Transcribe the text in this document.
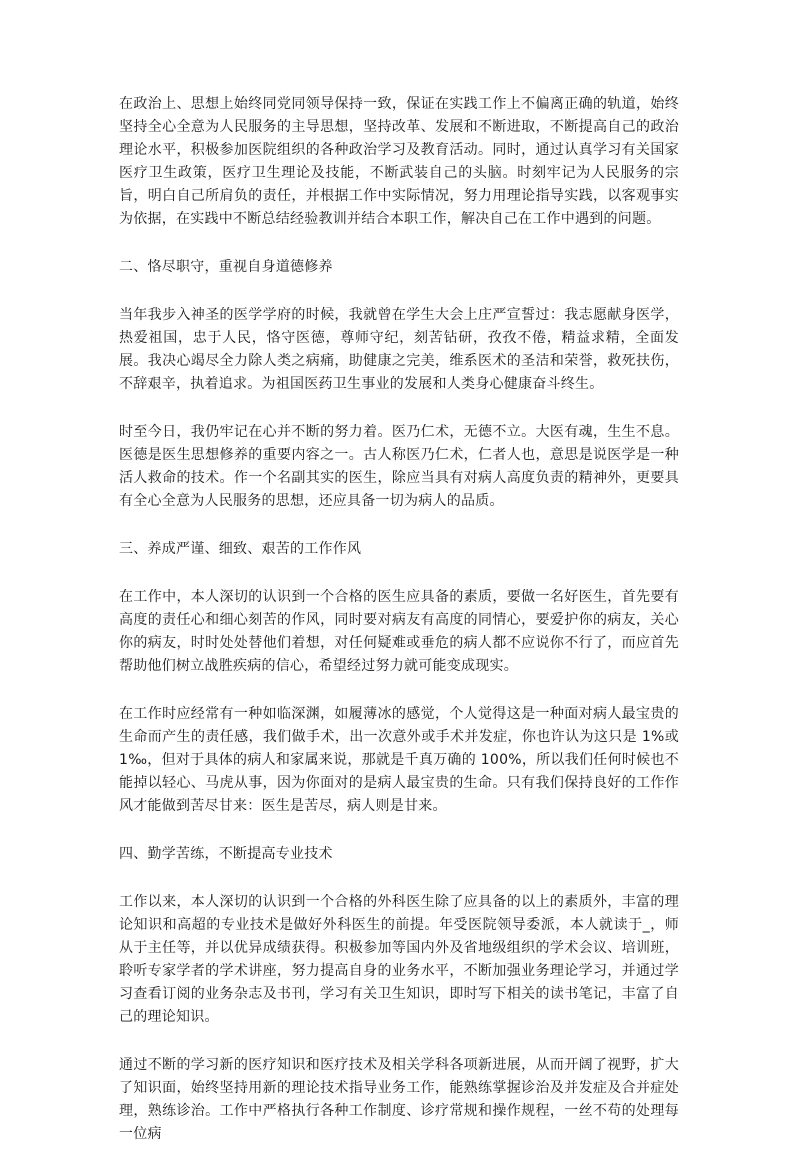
在政治上、思想上始终同党同领导保持一致，保证在实践工作上不偏离正确的轨道，始终坚持全心全意为人民服务的主导思想，坚持改革、发展和不断进取，不断提高自己的政治理论水平，积极参加医院组织的各种政治学习及教育活动。同时，通过认真学习有关国家医疗卫生政策，医疗卫生理论及技能，不断武装自己的头脑。时刻牢记为人民服务的宗旨，明白自己所肩负的责任，并根据工作中实际情况，努力用理论指导实践，以客观事实为依据，在实践中不断总结经验教训并结合本职工作，解决自己在工作中遇到的问题。

二、恪尽职守，重视自身道德修养

当年我步入神圣的医学学府的时候，我就曾在学生大会上庄严宣誓过：我志愿献身医学，热爱祖国，忠于人民，恪守医德，尊师守纪，刻苦钻研，孜孜不倦，精益求精，全面发展。我决心竭尽全力除人类之病痛，助健康之完美，维系医术的圣洁和荣誉，救死扶伤，不辞艰辛，执着追求。为祖国医药卫生事业的发展和人类身心健康奋斗终生。

时至今日，我仍牢记在心并不断的努力着。医乃仁术，无德不立。大医有魂，生生不息。医德是医生思想修养的重要内容之一。古人称医乃仁术，仁者人也，意思是说医学是一种活人救命的技术。作一个名副其实的医生，除应当具有对病人高度负责的精神外，更要具有全心全意为人民服务的思想，还应具备一切为病人的品质。

三、养成严谨、细致、艰苦的工作作风

在工作中，本人深切的认识到一个合格的医生应具备的素质，要做一名好医生，首先要有高度的责任心和细心刻苦的作风，同时要对病友有高度的同情心，要爱护你的病友，关心你的病友，时时处处替他们着想，对任何疑难或垂危的病人都不应说你不行了，而应首先帮助他们树立战胜疾病的信心，希望经过努力就可能变成现实。

在工作时应经常有一种如临深渊，如履薄冰的感觉，个人觉得这是一种面对病人最宝贵的生命而产生的责任感，我们做手术，出一次意外或手术并发症，你也许认为这只是 1%或 1‰，但对于具体的病人和家属来说，那就是千真万确的 100%，所以我们任何时候也不能掉以轻心、马虎从事，因为你面对的是病人最宝贵的生命。只有我们保持良好的工作作风才能做到苦尽甘来：医生是苦尽，病人则是甘来。

四、勤学苦练，不断提高专业技术

工作以来，本人深切的认识到一个合格的外科医生除了应具备的以上的素质外，丰富的理论知识和高超的专业技术是做好外科医生的前提。年受医院领导委派，本人就读于_，师从于主任等，并以优异成绩获得。积极参加等国内外及省地级组织的学术会议、培训班，聆听专家学者的学术讲座，努力提高自身的业务水平，不断加强业务理论学习，并通过学习查看订阅的业务杂志及书刊，学习有关卫生知识，即时写下相关的读书笔记，丰富了自己的理论知识。

通过不断的学习新的医疗知识和医疗技术及相关学科各项新进展，从而开阔了视野，扩大了知识面，始终坚持用新的理论技术指导业务工作，能熟练掌握诊治及并发症及合并症处理，熟练诊治。工作中严格执行各种工作制度、诊疗常规和操作规程，一丝不苟的处理每一位病
